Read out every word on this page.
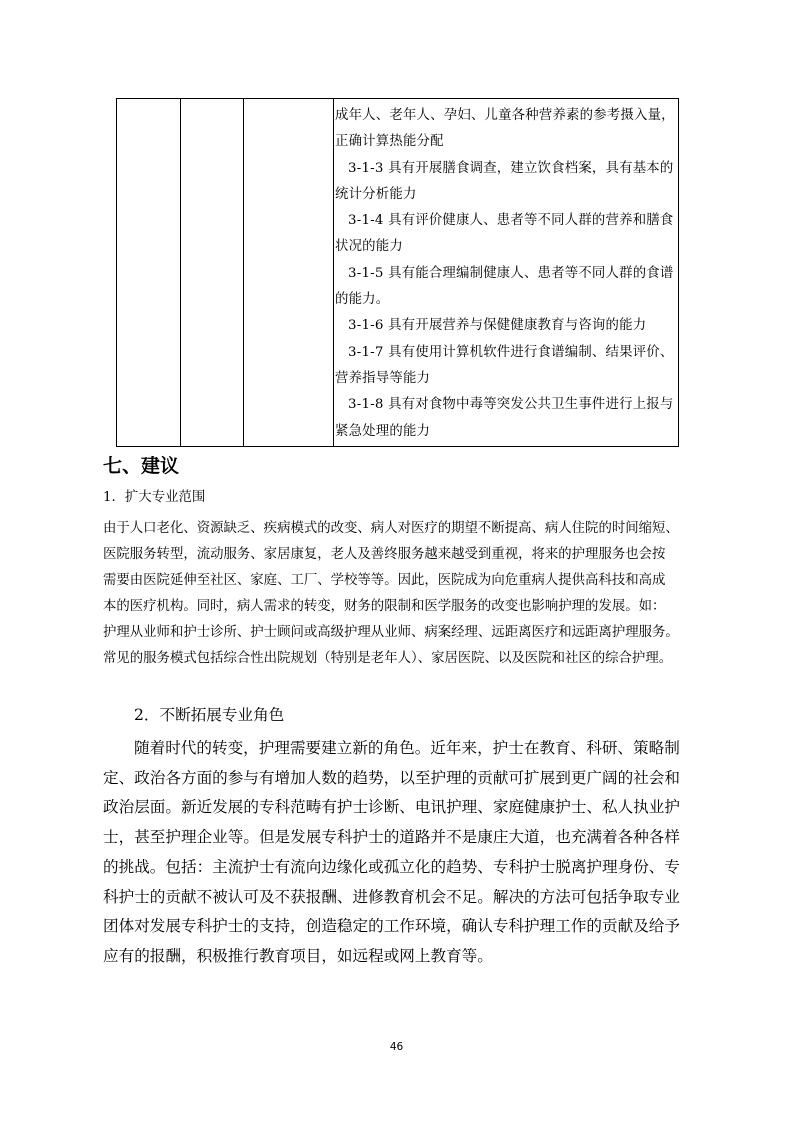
成年人、老年人、孕妇、儿童各种营养素的参考摄入量，

正确计算热能分配

3-1-3 具有开展膳食调查，建立饮食档案，具有基本的

统计分析能力

3-1-4 具有评价健康人、患者等不同人群的营养和膳食

状况的能力

3-1-5 具有能合理编制健康人、患者等不同人群的食谱

的能力。

3-1-6 具有开展营养与保健健康教育与咨询的能力

3-1-7 具有使用计算机软件进行食谱编制、结果评价、

营养指导等能力

3-1-8 具有对食物中毒等突发公共卫生事件进行上报与

紧急处理的能力

七、建议
1．扩大专业范围

由于人口老化、资源缺乏、疾病模式的改变、病人对医疗的期望不断提高、病人住院的时间缩短、

医院服务转型，流动服务、家居康复，老人及善终服务越来越受到重视，将来的护理服务也会按

需要由医院延伸至社区、家庭、工厂、学校等等。因此，医院成为向危重病人提供高科技和高成

本的医疗机构。同时，病人需求的转变，财务的限制和医学服务的改变也影响护理的发展。如：

护理从业师和护士诊所、护士顾问或高级护理从业师、病案经理、远距离医疗和远距离护理服务。

常见的服务模式包括综合性出院规划（特别是老年人）、家居医院、以及医院和社区的综合护理。

2．不断拓展专业角色

随着时代的转变，护理需要建立新的角色。近年来，护士在教育、科研、策略制

定、政治各方面的参与有增加人数的趋势，以至护理的贡献可扩展到更广阔的社会和

政治层面。新近发展的专科范畴有护士诊断、电讯护理、家庭健康护士、私人执业护

士，甚至护理企业等。但是发展专科护士的道路并不是康庄大道，也充满着各种各样

的挑战。包括：主流护士有流向边缘化或孤立化的趋势、专科护士脱离护理身份、专

科护士的贡献不被认可及不获报酬、进修教育机会不足。解决的方法可包括争取专业

团体对发展专科护士的支持，创造稳定的工作环境，确认专科护理工作的贡献及给予

应有的报酬，积极推行教育项目，如远程或网上教育等。

46
